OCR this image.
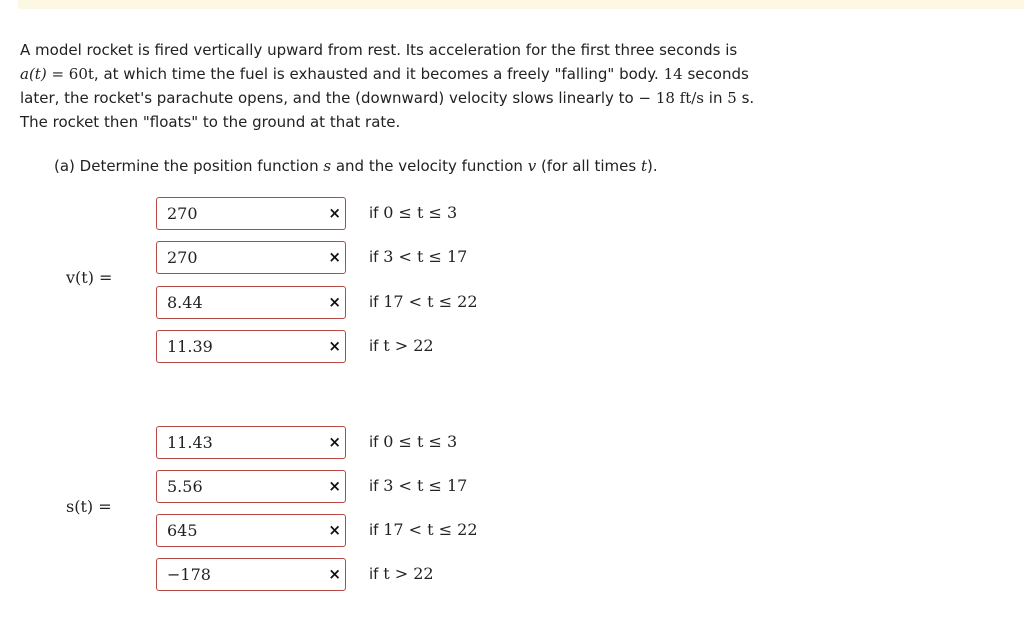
A model rocket is fired vertically upward from rest. Its acceleration for the first three seconds is

a(t) = 60t, at which time the fuel is exhausted and it becomes a freely "falling" body. 14 seconds

later, the rocket's parachute opens, and the (downward) velocity slows linearly to − 18 ft/s in 5 s.

The rocket then "floats" to the ground at that rate.

(a) Determine the position function s and the velocity function v (for all times t).
v(t) =
270
× if 0 ≤ t ≤ 3
270
× if 3 < t ≤ 17
8.44
× if 17 < t ≤ 22
11.39
× if t > 22
s(t) =
11.43
× if 0 ≤ t ≤ 3
5.56
× if 3 < t ≤ 17
645
× if 17 < t ≤ 22
−178
× if t > 22
